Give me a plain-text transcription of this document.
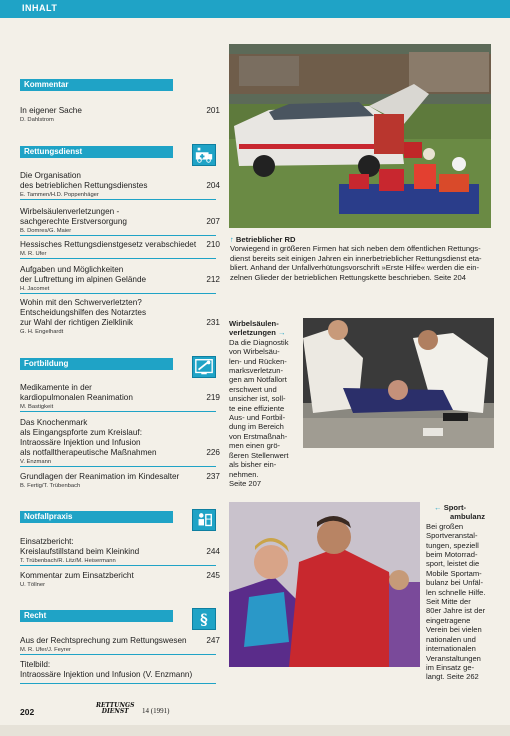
INHALT
Kommentar
In eigener Sache
D. Dahlstrom
201
Rettungsdienst
Die Organisation
des betrieblichen Rettungsdienstes
E. Tammen/H.D. Poppenhäger
204
Wirbelsäulenverletzungen -
sachgerechte Erstversorgung
B. Domres/G. Maier
207
Hessisches Rettungsdienstgesetz verabschiedet
M. R. Ufer
210
Aufgaben und Möglichkeiten
der Luftrettung im alpinen Gelände
H. Jacomet
212
Wohin mit den Schwerverletzten?
Entscheidungshilfen des Notarztes
zur Wahl der richtigen Zielklinik
G. H. Engelhardt
231
Fortbildung
Medikamente in der
kardiopulmonalen Reanimation
M. Bastigkeit
219
Das Knochenmark
als Eingangspforte zum Kreislauf:
Intraossäre Injektion und Infusion
als notfalltherapeutische Maßnahmen
V. Enzmann
226
Grundlagen der Reanimation im Kindesalter
B. Fertig/T. Trübenbach
237
Notfallpraxis
Einsatzbericht:
Kreislaufstillstand beim Kleinkind
T. Trübenbach/R. Litz/M. Heisermann
244
Kommentar zum Einsatzbericht
U. Töllner
245
Recht	§
Aus der Rechtsprechung zum Rettungswesen
M. R. Ufer/J. Feyrer
247
Titelbild:
Intraossäre Injektion und Infusion (V. Enzmann)
↑ Betrieblicher RD
Vorwiegend in größeren Firmen hat sich neben dem öffentlichen Rettungs-
dienst bereits seit einigen Jahren ein innerbetrieblicher Rettungsdienst eta-
bliert. Anhand der Unfallverhütungsvorschrift »Erste Hilfe« werden die ein-
zelnen Glieder der betrieblichen Rettungskette beschrieben. Seite 204
Wirbelsäulen-
verletzungen →
Da die Diagnostik
von Wirbelsäu-
len- und Rücken-
marksverletzun-
gen am Notfallort
erschwert und
unsicher ist, soll-
te eine effiziente
Aus- und Fortbil-
dung im Bereich
von Erstmaßnah-
men einen grö-
ßeren Stellenwert
als bisher ein-
nehmen.
Seite 207
← Sport-
ambulanz
Bei großen
Sportveranstal-
tungen, speziell
beim Motorrad-
sport, leistet die
Mobile Sportam-
bulanz bei Unfäl-
len schnelle Hilfe.
Seit Mitte der
80er Jahre ist der
eingetragene
Verein bei vielen
nationalen und
internationalen
Veranstaltungen
im Einsatz ge-
langt. Seite 262
202
RETTUNGS
DIENST	14 (1991)
